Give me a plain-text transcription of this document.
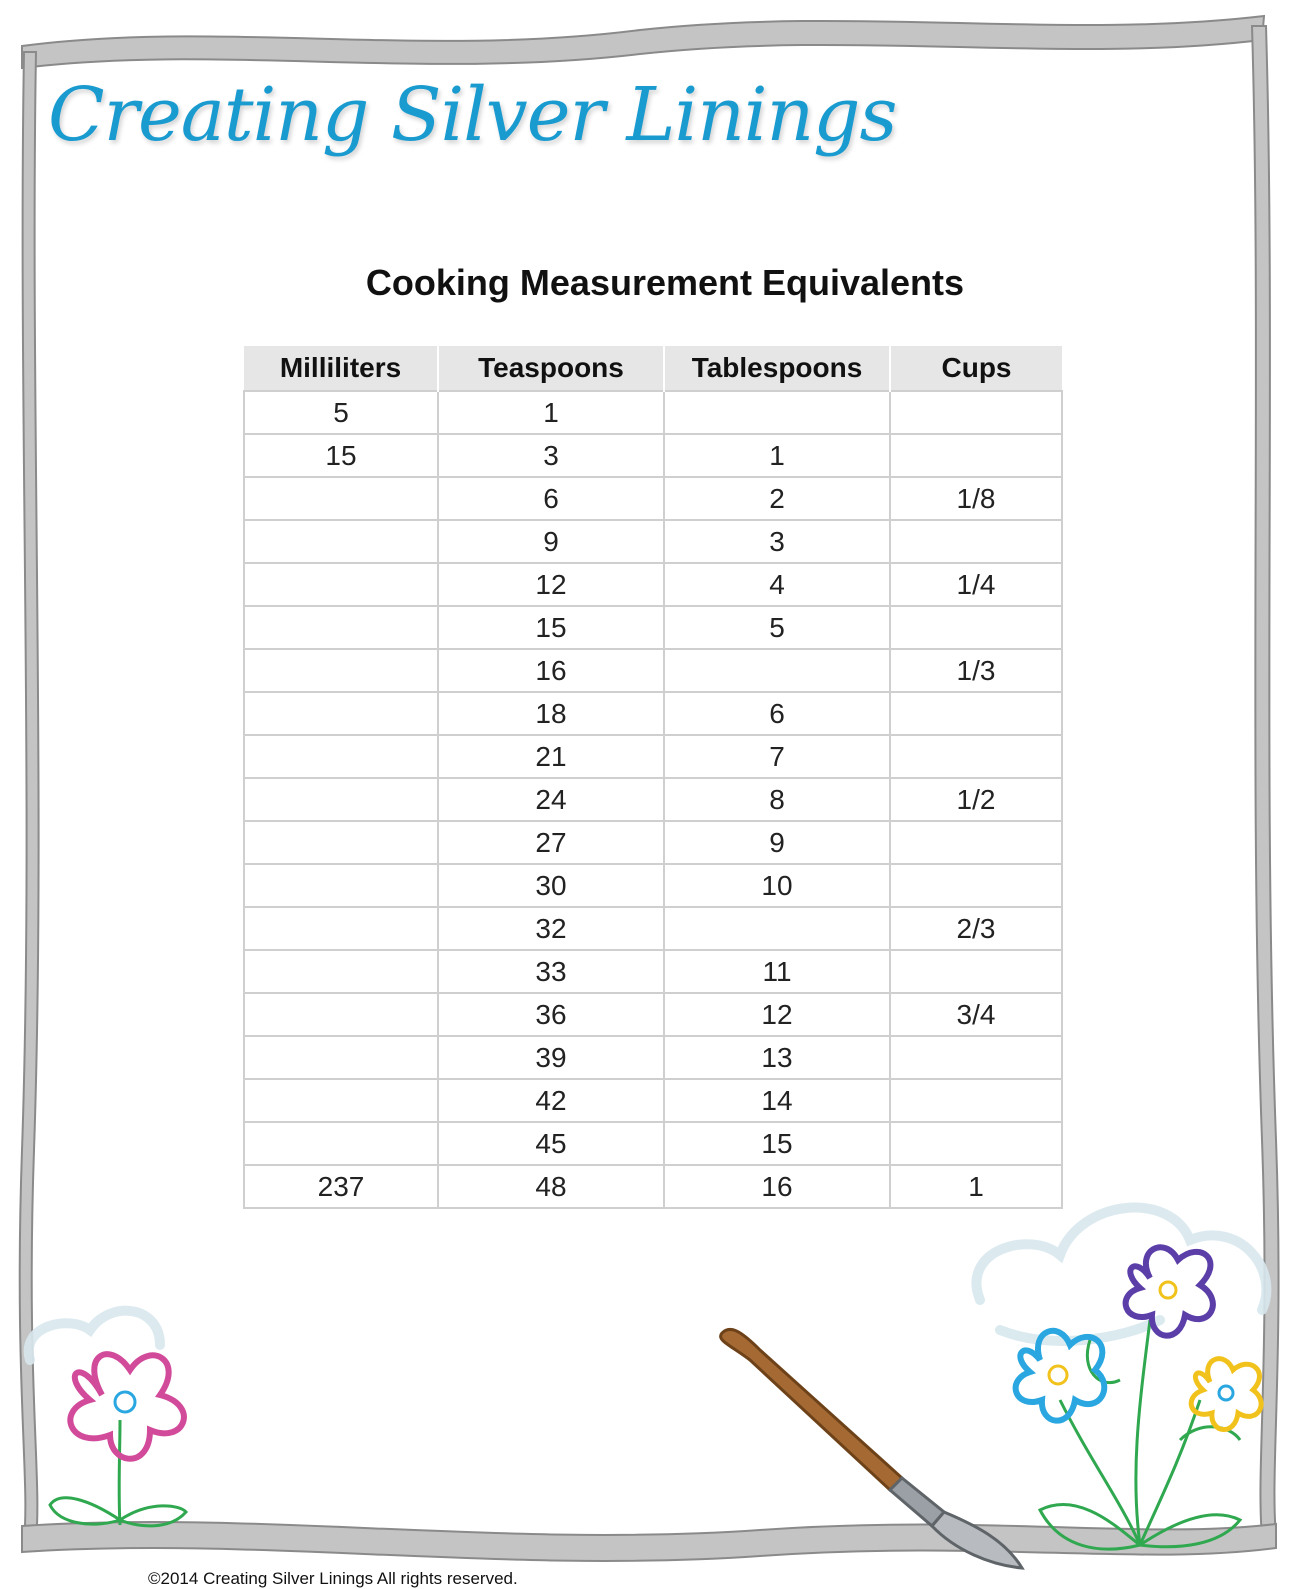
Creating Silver Linings
Cooking Measurement Equivalents
Milliliters	Teaspoons	Tablespoons	Cups
5	1		
15	3	1	
	6	2	1/8
	9	3	
	12	4	1/4
	15	5	
	16		1/3
	18	6	
	21	7	
	24	8	1/2
	27	9	
	30	10	
	32		2/3
	33	11	
	36	12	3/4
	39	13	
	42	14	
	45	15	
237	48	16	1
©2014 Creating Silver Linings All rights reserved.
